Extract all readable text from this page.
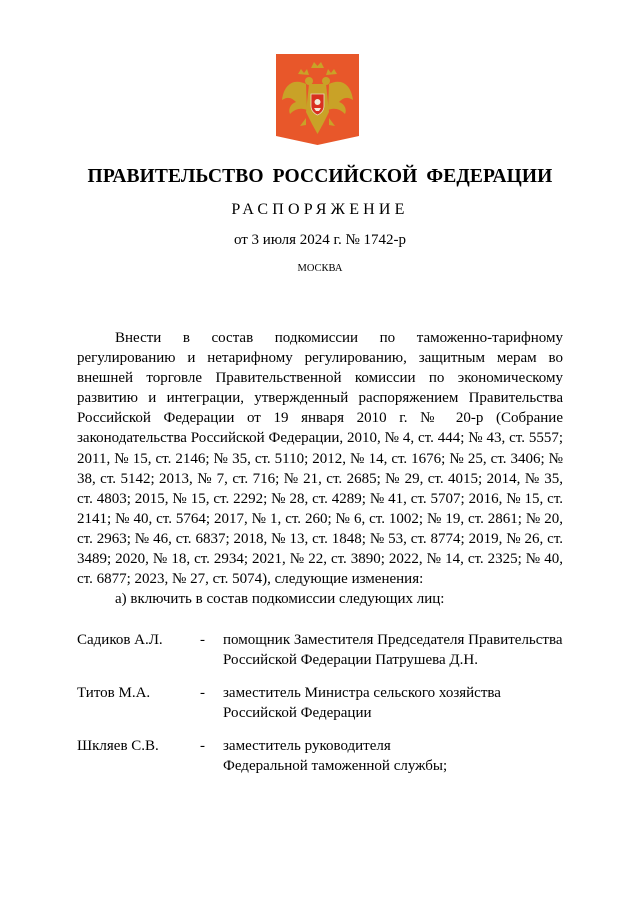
ПРАВИТЕЛЬСТВО РОССИЙСКОЙ ФЕДЕРАЦИИ
РАСПОРЯЖЕНИЕ
от 3 июля 2024 г. № 1742-р
МОСКВА

Внести в состав подкомиссии по таможенно-тарифному регулированию и нетарифному регулированию, защитным мерам во внешней торговле Правительственной комиссии по экономическому развитию и интеграции, утвержденный распоряжением Правительства Российской Федерации от 19 января 2010 г. № 20-р (Собрание законодательства Российской Федерации, 2010, № 4, ст. 444; № 43, ст. 5557; 2011, № 15, ст. 2146; № 35, ст. 5110; 2012, № 14, ст. 1676; № 25, ст. 3406; № 38, ст. 5142; 2013, № 7, ст. 716; № 21, ст. 2685; № 29, ст. 4015; 2014, № 35, ст. 4803; 2015, № 15, ст. 2292; № 28, ст. 4289; № 41, ст. 5707; 2016, № 15, ст. 2141; № 40, ст. 5764; 2017, № 1, ст. 260; № 6, ст. 1002; № 19, ст. 2861; № 20, ст. 2963; № 46, ст. 6837; 2018, № 13, ст. 1848; № 53, ст. 8774; 2019, № 26, ст. 3489; 2020, № 18, ст. 2934; 2021, № 22, ст. 3890; 2022, № 14, ст. 2325; № 40, ст. 6877; 2023, № 27, ст. 5074), следующие изменения:

а) включить в состав подкомиссии следующих лиц:

Садиков А.Л. - помощник Заместителя Председателя Правительства
Российской Федерации Патрушева Д.Н.
Титов М.А.	- заместитель Министра сельского хозяйства
Российской Федерации
Шкляев С.В.	- заместитель руководителя
Федеральной таможенной службы;
